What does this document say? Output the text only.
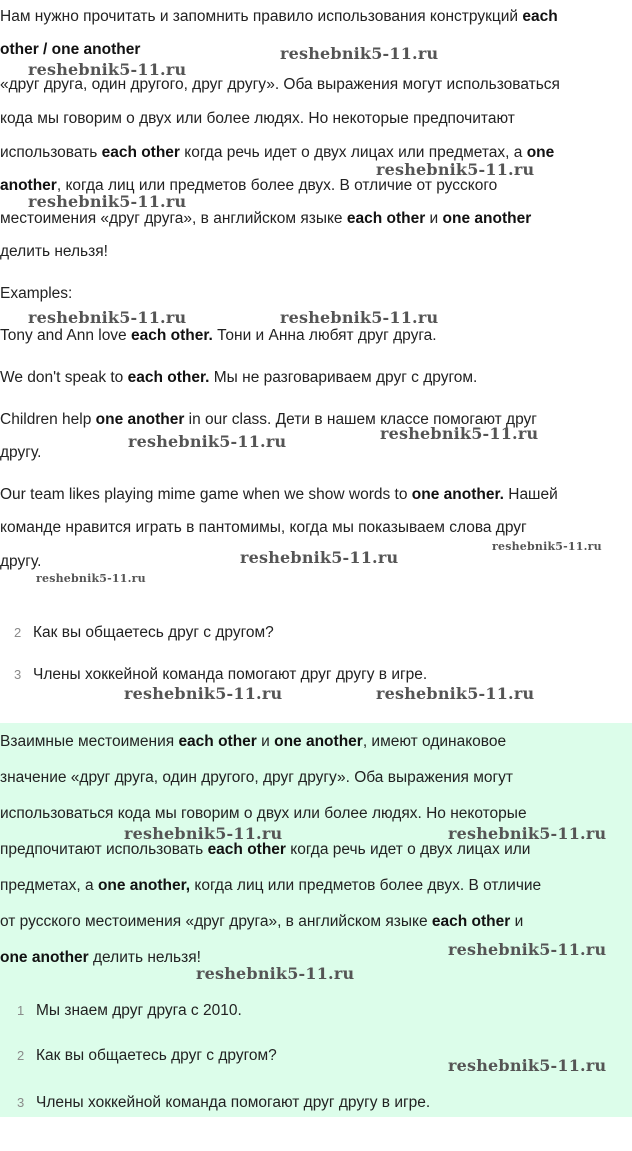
Нам нужно прочитать и запомнить правило использования конструкций each

other / one another

«друг друга, один другого, друг другу». Оба выражения могут использоваться

кода мы говорим о двух или более людях. Но некоторые предпочитают

использовать each other когда речь идет о двух лицах или предметах, а one

another, когда лиц или предметов более двух. В отличие от русского

местоимения «друг друга», в английском языке each other и one another

делить нельзя!

Examples:

Tony and Ann love each other. Тони и Анна любят друг друга.

We don't speak to each other. Мы не разговариваем друг с другом.

Children help one another in our class. Дети в нашем классе помогают друг

другу.

Our team likes playing mime game when we show words to one another. Нашей

команде нравится играть в пантомимы, когда мы показываем слова друг

другу.

2 Как вы общаетесь друг с другом?
3 Члены хоккейной команда помогают друг другу в игре.

Взаимные местоимения each other и one another, имеют одинаковое

значение «друг друга, один другого, друг другу». Оба выражения могут

использоваться кода мы говорим о двух или более людях. Но некоторые

предпочитают использовать each other когда речь идет о двух лицах или

предметах, а one another, когда лиц или предметов более двух. В отличие

от русского местоимения «друг друга», в английском языке each other и

one another делить нельзя!

1 Мы знаем друг друга с 2010.
2 Как вы общаетесь друг с другом?
3 Члены хоккейной команда помогают друг другу в игре.
reshebnik5-11.ru
reshebnik5-11.ru
reshebnik5-11.ru
reshebnik5-11.ru
reshebnik5-11.ru	reshebnik5-11.ru
reshebnik5-11.ru
reshebnik5-11.ru
reshebnik5-11.ru
reshebnik5-11.ru
reshebnik5-11.ru
reshebnik5-11.ru	reshebnik5-11.ru
reshebnik5-11.ru	reshebnik5-11.ru
reshebnik5-11.ru
reshebnik5-11.ru
reshebnik5-11.ru
